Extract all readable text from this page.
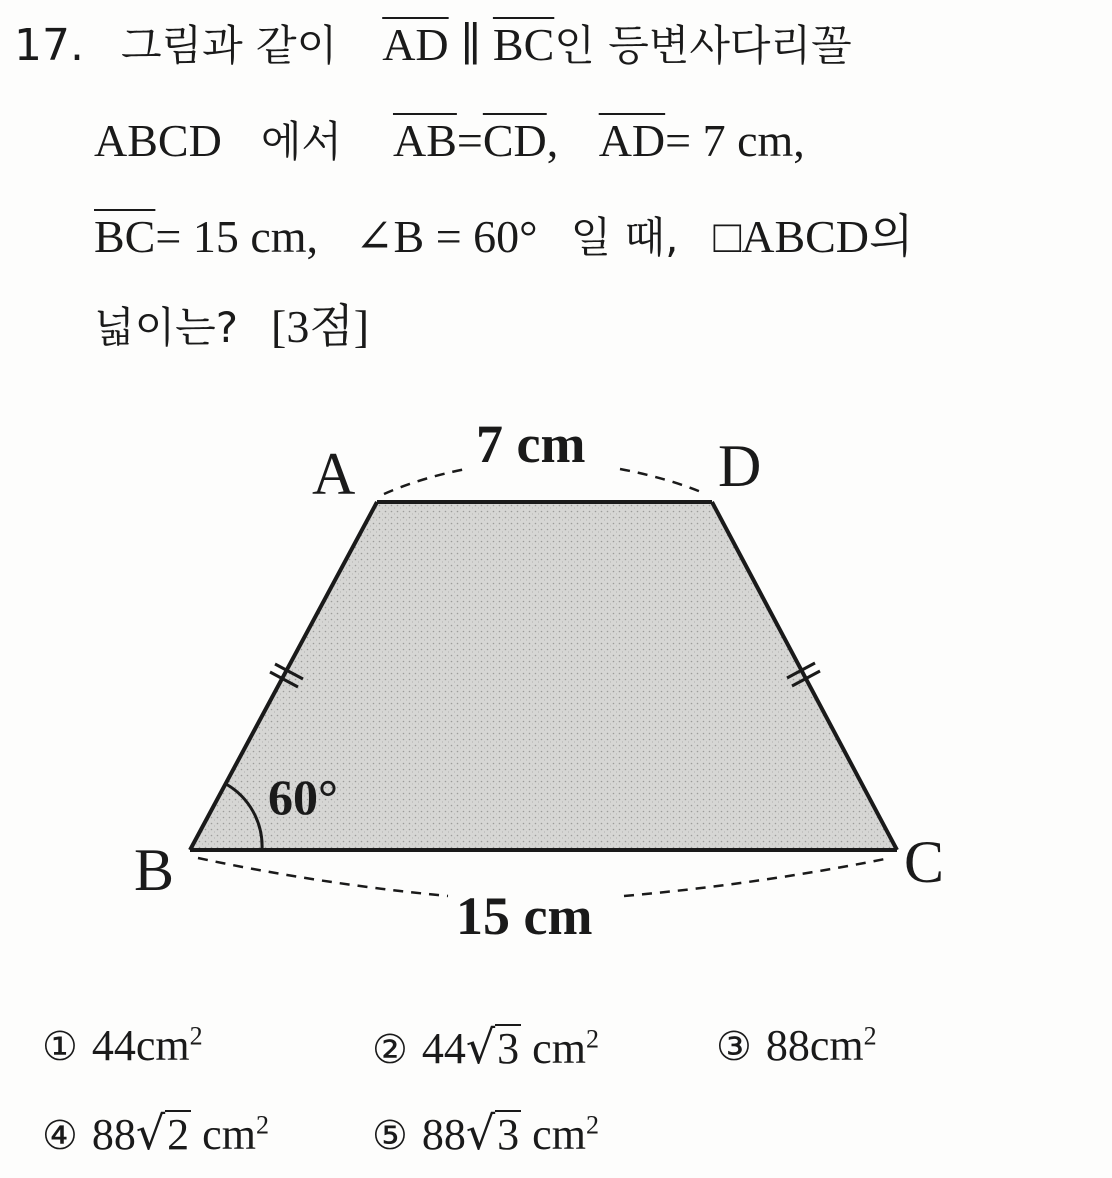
17. 그림과 같이 $\overline{AD}$ ∥ $\overline{BC}$인 등변사다리꼴
ABCD 에서 $\overline{AB}=\overline{CD}$, $\overline{AD}= 7$ cm,
$\overline{BC}= 15$ cm, ∠B = 60° 일 때, □ABCD의
넓이는? [3점]
A	D
B	C
7 cm
15 cm
60°
① $44cm^2$	② 44√3 $cm^2$	③ $88cm^2$
④ 88√2 $cm^2$	⑤ 88√3 $cm^2$
